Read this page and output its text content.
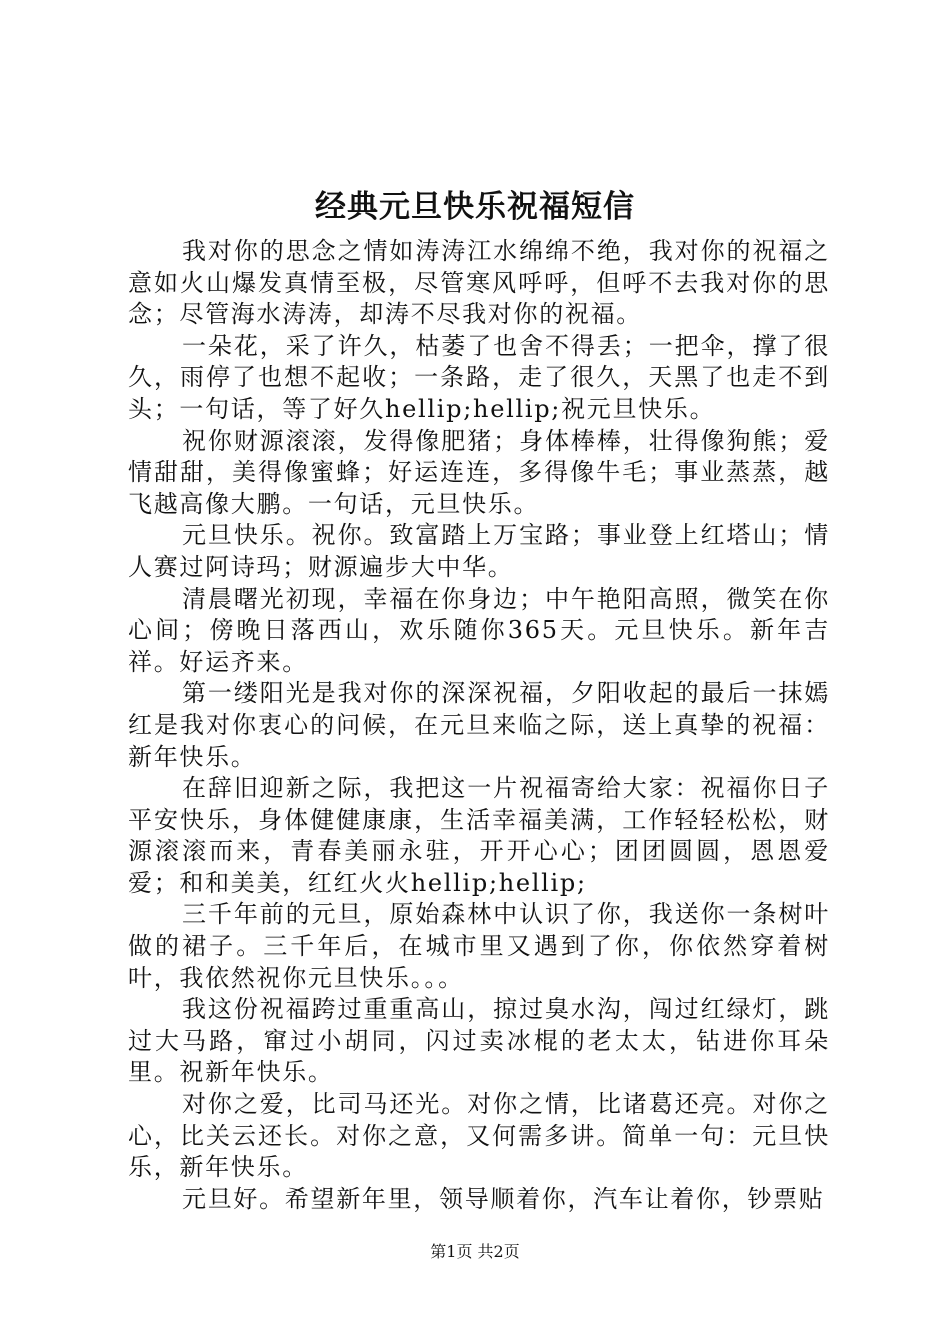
经典元旦快乐祝福短信

我对你的思念之情如涛涛江水绵绵不绝，我对你的祝福之意如火山爆发真情至极，尽管寒风呼呼，但呼不去我对你的思念；尽管海水涛涛，却涛不尽我对你的祝福。

一朵花，采了许久，枯萎了也舍不得丢；一把伞，撑了很久，雨停了也想不起收；一条路，走了很久，天黑了也走不到头；一句话，等了好久hellip;hellip;祝元旦快乐。

祝你财源滚滚，发得像肥猪；身体棒棒，壮得像狗熊；爱情甜甜，美得像蜜蜂；好运连连，多得像牛毛；事业蒸蒸，越飞越高像大鹏。一句话，元旦快乐。

元旦快乐。祝你。致富踏上万宝路；事业登上红塔山；情人赛过阿诗玛；财源遍步大中华。

清晨曙光初现，幸福在你身边；中午艳阳高照，微笑在你心间；傍晚日落西山，欢乐随你365天。元旦快乐。新年吉祥。好运齐来。

第一缕阳光是我对你的深深祝福，夕阳收起的最后一抹嫣红是我对你衷心的问候，在元旦来临之际，送上真挚的祝福：新年快乐。

在辞旧迎新之际，我把这一片祝福寄给大家：祝福你日子平安快乐，身体健健康康，生活幸福美满，工作轻轻松松，财源滚滚而来，青春美丽永驻，开开心心；团团圆圆，恩恩爱爱；和和美美，红红火火hellip;hellip;

三千年前的元旦，原始森林中认识了你，我送你一条树叶做的裙子。三千年后，在城市里又遇到了你，你依然穿着树叶，我依然祝你元旦快乐。。。

我这份祝福跨过重重高山，掠过臭水沟，闯过红绿灯，跳过大马路，窜过小胡同，闪过卖冰棍的老太太，钻进你耳朵里。祝新年快乐。

对你之爱，比司马还光。对你之情，比诸葛还亮。对你之心，比关云还长。对你之意，又何需多讲。简单一句：元旦快乐，新年快乐。

元旦好。希望新年里，领导顺着你，汽车让着你，钞票贴

第1页 共2页
